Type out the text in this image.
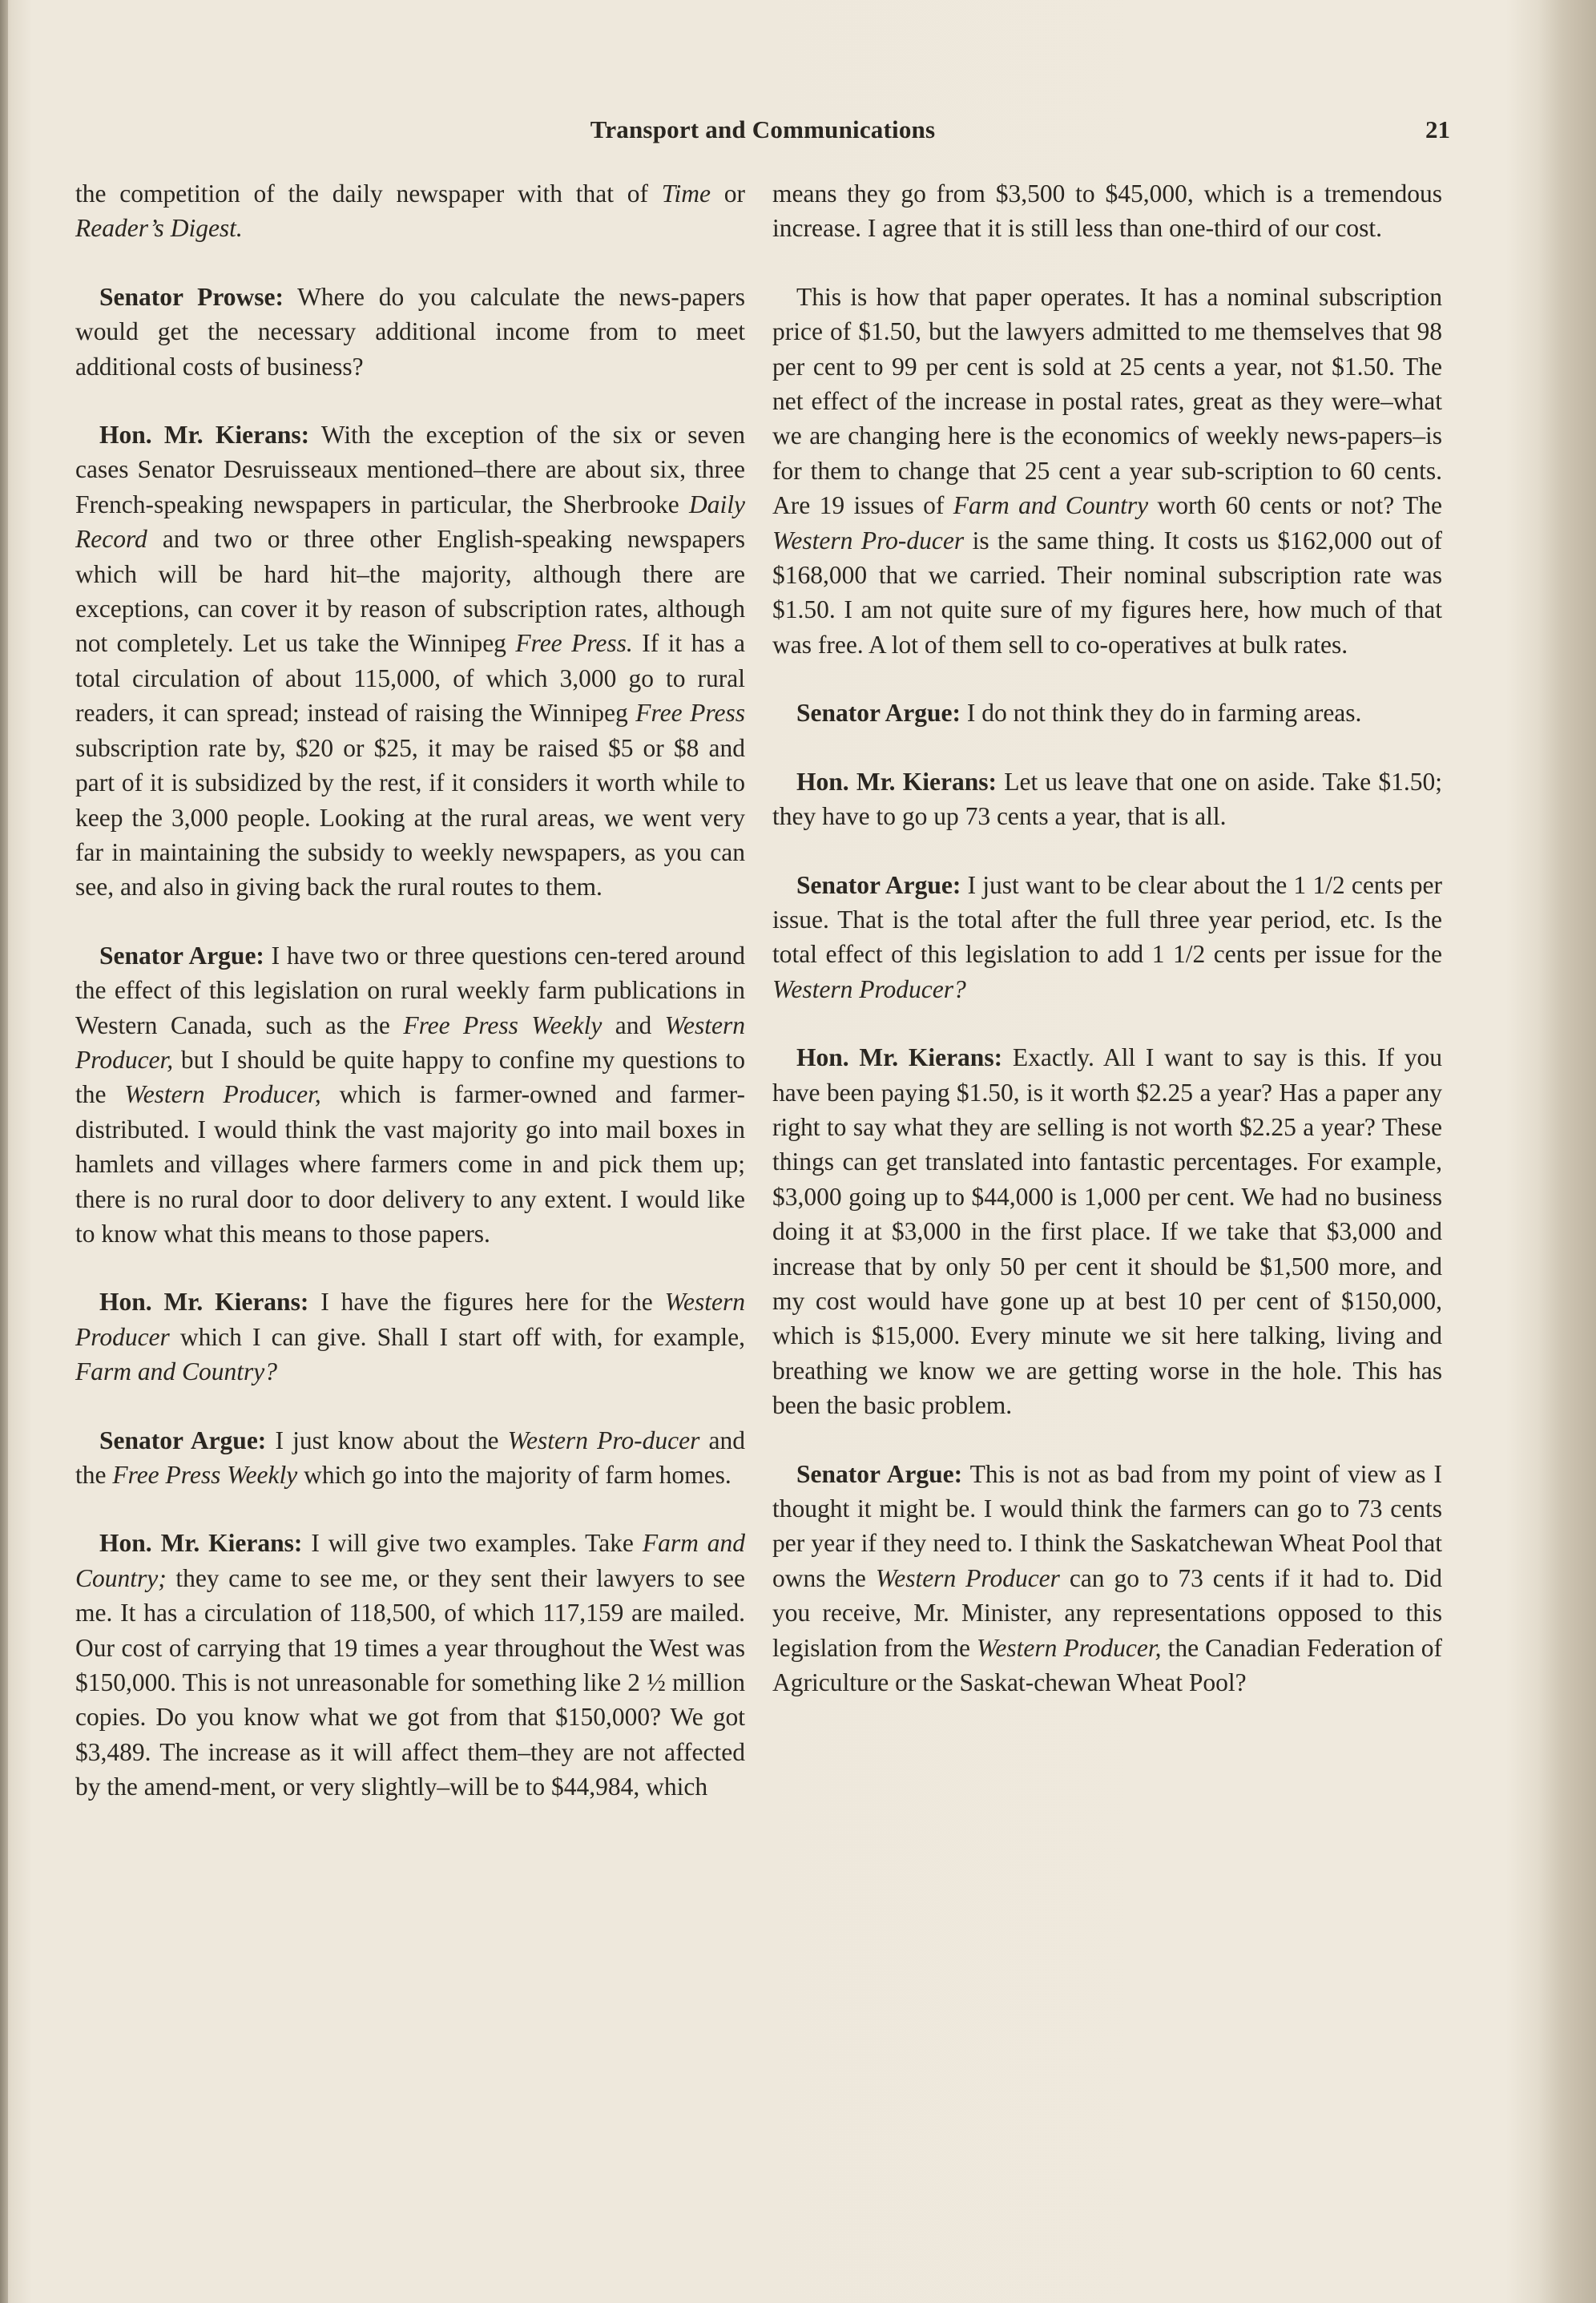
Transport and Communications	21

the competition of the daily newspaper with that of Time or Reader’s Digest.

Senator Prowse: Where do you calculate the news-papers would get the necessary additional income from to meet additional costs of business?

Hon. Mr. Kierans: With the exception of the six or seven cases Senator Desruisseaux mentioned–there are about six, three French-speaking newspapers in particular, the Sherbrooke Daily Record and two or three other English-speaking newspapers which will be hard hit–the majority, although there are exceptions, can cover it by reason of subscription rates, although not completely. Let us take the Winnipeg Free Press. If it has a total circulation of about 115,000, of which 3,000 go to rural readers, it can spread; instead of raising the Winnipeg Free Press subscription rate by, $20 or $25, it may be raised $5 or $8 and part of it is subsidized by the rest, if it considers it worth while to keep the 3,000 people. Looking at the rural areas, we went very far in maintaining the subsidy to weekly newspapers, as you can see, and also in giving back the rural routes to them.

Senator Argue: I have two or three questions cen-tered around the effect of this legislation on rural weekly farm publications in Western Canada, such as the Free Press Weekly and Western Producer, but I should be quite happy to confine my questions to the Western Producer, which is farmer-owned and farmer-distributed. I would think the vast majority go into mail boxes in hamlets and villages where farmers come in and pick them up; there is no rural door to door delivery to any extent. I would like to know what this means to those papers.

Hon. Mr. Kierans: I have the figures here for the Western Producer which I can give. Shall I start off with, for example, Farm and Country?

Senator Argue: I just know about the Western Pro-ducer and the Free Press Weekly which go into the majority of farm homes.

Hon. Mr. Kierans: I will give two examples. Take Farm and Country; they came to see me, or they sent their lawyers to see me. It has a circulation of 118,500, of which 117,159 are mailed. Our cost of carrying that 19 times a year throughout the West was $150,000. This is not unreasonable for something like 2 ½ million copies. Do you know what we got from that $150,000? We got $3,489. The increase as it will affect them–they are not affected by the amend-ment, or very slightly–will be to $44,984, which

means they go from $3,500 to $45,000, which is a tremendous increase. I agree that it is still less than one-third of our cost.

This is how that paper operates. It has a nominal subscription price of $1.50, but the lawyers admitted to me themselves that 98 per cent to 99 per cent is sold at 25 cents a year, not $1.50. The net effect of the increase in postal rates, great as they were–what we are changing here is the economics of weekly news-papers–is for them to change that 25 cent a year sub-scription to 60 cents. Are 19 issues of Farm and Country worth 60 cents or not? The Western Pro-ducer is the same thing. It costs us $162,000 out of $168,000 that we carried. Their nominal subscription rate was $1.50. I am not quite sure of my figures here, how much of that was free. A lot of them sell to co-operatives at bulk rates.

Senator Argue: I do not think they do in farming areas.

Hon. Mr. Kierans: Let us leave that one on aside. Take $1.50; they have to go up 73 cents a year, that is all.

Senator Argue: I just want to be clear about the 1 1/2 cents per issue. That is the total after the full three year period, etc. Is the total effect of this legislation to add 1 1/2 cents per issue for the Western Producer?

Hon. Mr. Kierans: Exactly. All I want to say is this. If you have been paying $1.50, is it worth $2.25 a year? Has a paper any right to say what they are selling is not worth $2.25 a year? These things can get translated into fantastic percentages. For example, $3,000 going up to $44,000 is 1,000 per cent. We had no business doing it at $3,000 in the first place. If we take that $3,000 and increase that by only 50 per cent it should be $1,500 more, and my cost would have gone up at best 10 per cent of $150,000, which is $15,000. Every minute we sit here talking, living and breathing we know we are getting worse in the hole. This has been the basic problem.

Senator Argue: This is not as bad from my point of view as I thought it might be. I would think the farmers can go to 73 cents per year if they need to. I think the Saskatchewan Wheat Pool that owns the Western Producer can go to 73 cents if it had to. Did you receive, Mr. Minister, any representations opposed to this legislation from the Western Producer, the Canadian Federation of Agriculture or the Saskat-chewan Wheat Pool?
